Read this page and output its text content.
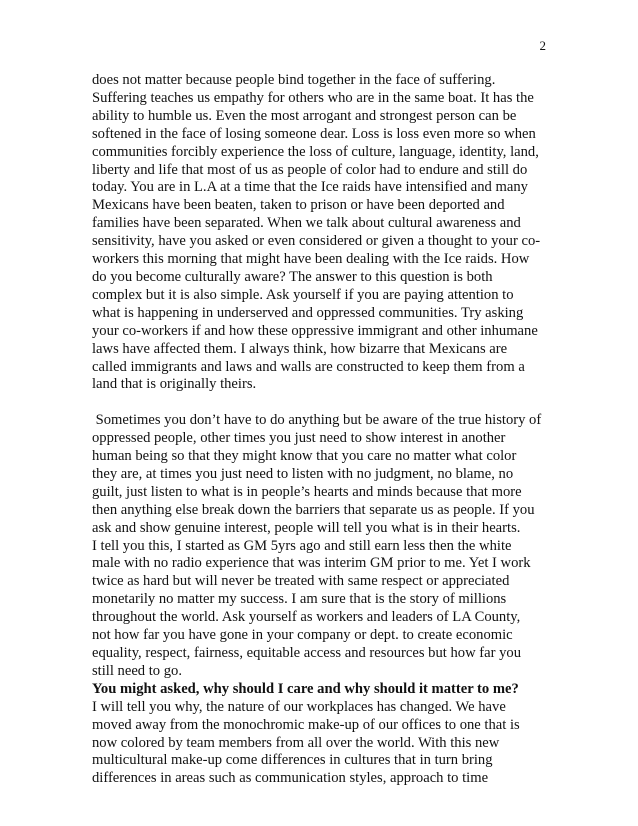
2
does not matter because people bind together in the face of suffering.
Suffering teaches us empathy for others who are in the same boat. It has the
ability to humble us. Even the most arrogant and strongest person can be
softened in the face of losing someone dear. Loss is loss even more so when
communities forcibly experience the loss of culture, language, identity, land,
liberty and life that most of us as people of color had to endure and still do
today. You are in L.A at a time that the Ice raids have intensified and many
Mexicans have been beaten, taken to prison or have been deported and
families have been separated. When we talk about cultural awareness and
sensitivity, have you asked or even considered or given a thought to your co-
workers this morning that might have been dealing with the Ice raids. How
do you become culturally aware? The answer to this question is both
complex but it is also simple. Ask yourself if you are paying attention to
what is happening in underserved and oppressed communities. Try asking
your co-workers if and how these oppressive immigrant and other inhumane
laws have affected them. I always think, how bizarre that Mexicans are
called immigrants and laws and walls are constructed to keep them from a
land that is originally theirs.
Sometimes you don’t have to do anything but be aware of the true history of
oppressed people, other times you just need to show interest in another
human being so that they might know that you care no matter what color
they are, at times you just need to listen with no judgment, no blame, no
guilt, just listen to what is in people’s hearts and minds because that more
then anything else break down the barriers that separate us as people. If you
ask and show genuine interest, people will tell you what is in their hearts.
I tell you this, I started as GM 5yrs ago and still earn less then the white
male with no radio experience that was interim GM prior to me. Yet I work
twice as hard but will never be treated with same respect or appreciated
monetarily no matter my success. I am sure that is the story of millions
throughout the world. Ask yourself as workers and leaders of LA County,
not how far you have gone in your company or dept. to create economic
equality, respect, fairness, equitable access and resources but how far you
still need to go.
You might asked, why should I care and why should it matter to me?
I will tell you why, the nature of our workplaces has changed. We have
moved away from the monochromic make-up of our offices to one that is
now colored by team members from all over the world. With this new
multicultural make-up come differences in cultures that in turn bring
differences in areas such as communication styles, approach to time
